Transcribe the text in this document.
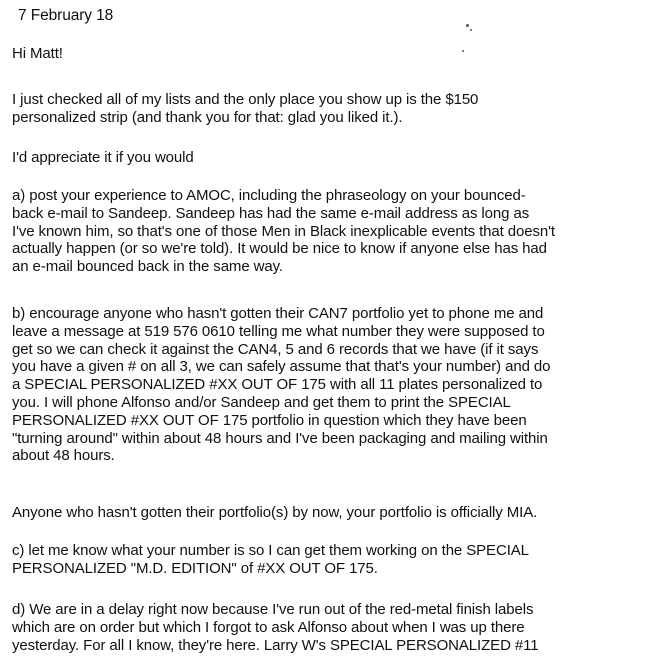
7 February 18
Hi Matt!
I just checked all of my lists and the only place you show up is the $150
personalized strip (and thank you for that: glad you liked it.).
I'd appreciate it if you would
a) post your experience to AMOC, including the phraseology on your bounced-
back e-mail to Sandeep. Sandeep has had the same e-mail address as long as
I've known him, so that's one of those Men in Black inexplicable events that doesn't
actually happen (or so we're told). It would be nice to know if anyone else has had
an e-mail bounced back in the same way.
b) encourage anyone who hasn't gotten their CAN7 portfolio yet to phone me and
leave a message at 519 576 0610 telling me what number they were supposed to
get so we can check it against the CAN4, 5 and 6 records that we have (if it says
you have a given # on all 3, we can safely assume that that's your number) and do
a SPECIAL PERSONALIZED #XX OUT OF 175 with all 11 plates personalized to
you. I will phone Alfonso and/or Sandeep and get them to print the SPECIAL
PERSONALIZED #XX OUT OF 175 portfolio in question which they have been
"turning around" within about 48 hours and I've been packaging and mailing within
about 48 hours.
Anyone who hasn't gotten their portfolio(s) by now, your portfolio is officially MIA.
c) let me know what your number is so I can get them working on the SPECIAL
PERSONALIZED "M.D. EDITION" of #XX OUT OF 175.
d) We are in a delay right now because I've run out of the red-metal finish labels
which are on order but which I forgot to ask Alfonso about when I was up there
yesterday. For all I know, they're here. Larry W's SPECIAL PERSONALIZED #11
